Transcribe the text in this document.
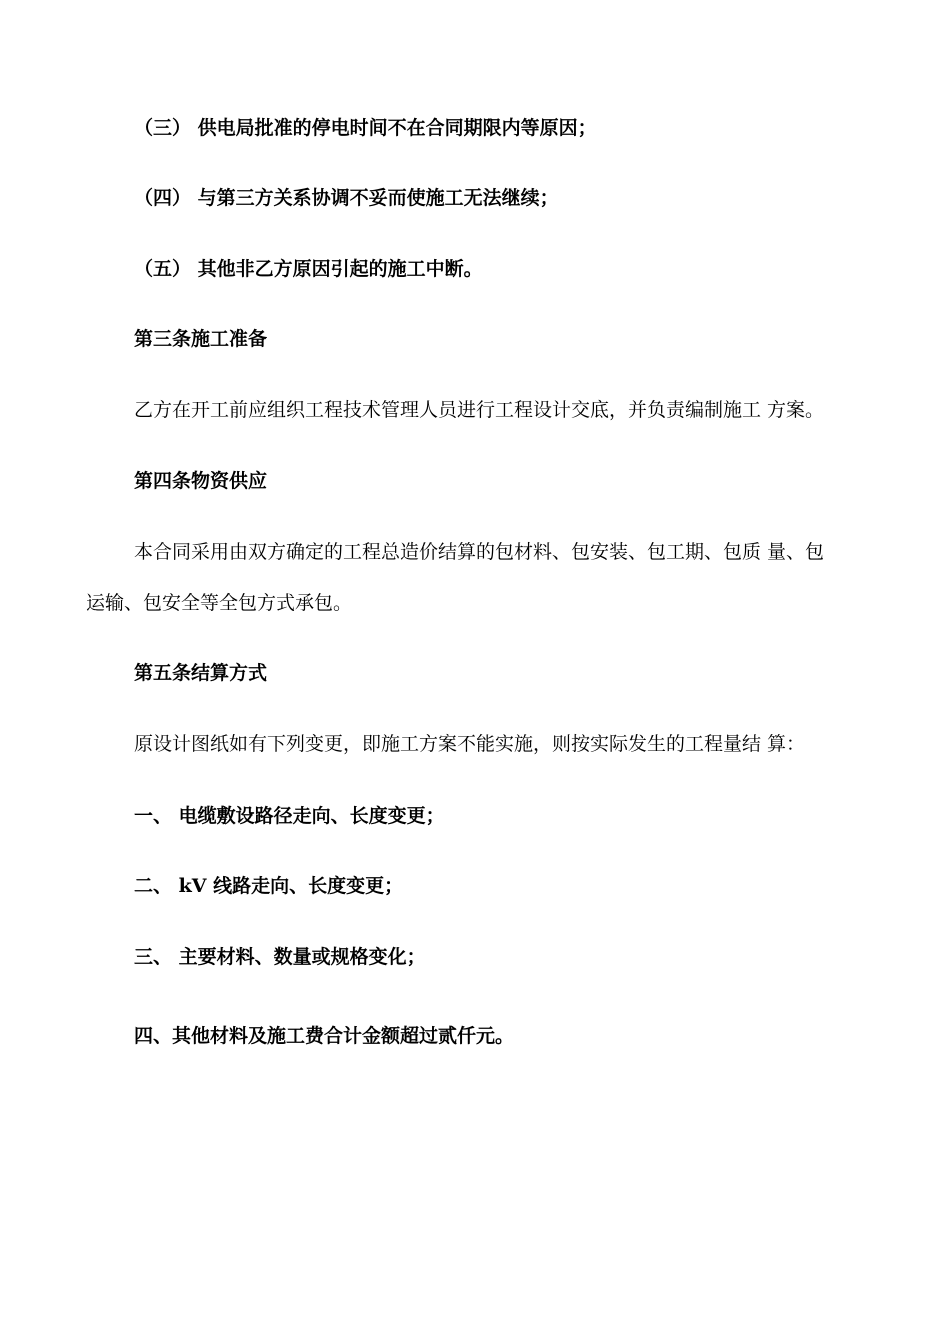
（三） 供电局批准的停电时间不在合同期限内等原因；
（四） 与第三方关系协调不妥而使施工无法继续；
（五） 其他非乙方原因引起的施工中断。
第三条施工准备
乙方在开工前应组织工程技术管理人员进行工程设计交底，并负责编制施工 方案。
第四条物资供应
本合同采用由双方确定的工程总造价结算的包材料、包安装、包工期、包质 量、包
运输、包安全等全包方式承包。
第五条结算方式
原设计图纸如有下列变更，即施工方案不能实施，则按实际发生的工程量结 算：
一、 电缆敷设路径走向、长度变更；
二、 kV 线路走向、长度变更；
三、 主要材料、数量或规格变化；
四、其他材料及施工费合计金额超过贰仟元。
